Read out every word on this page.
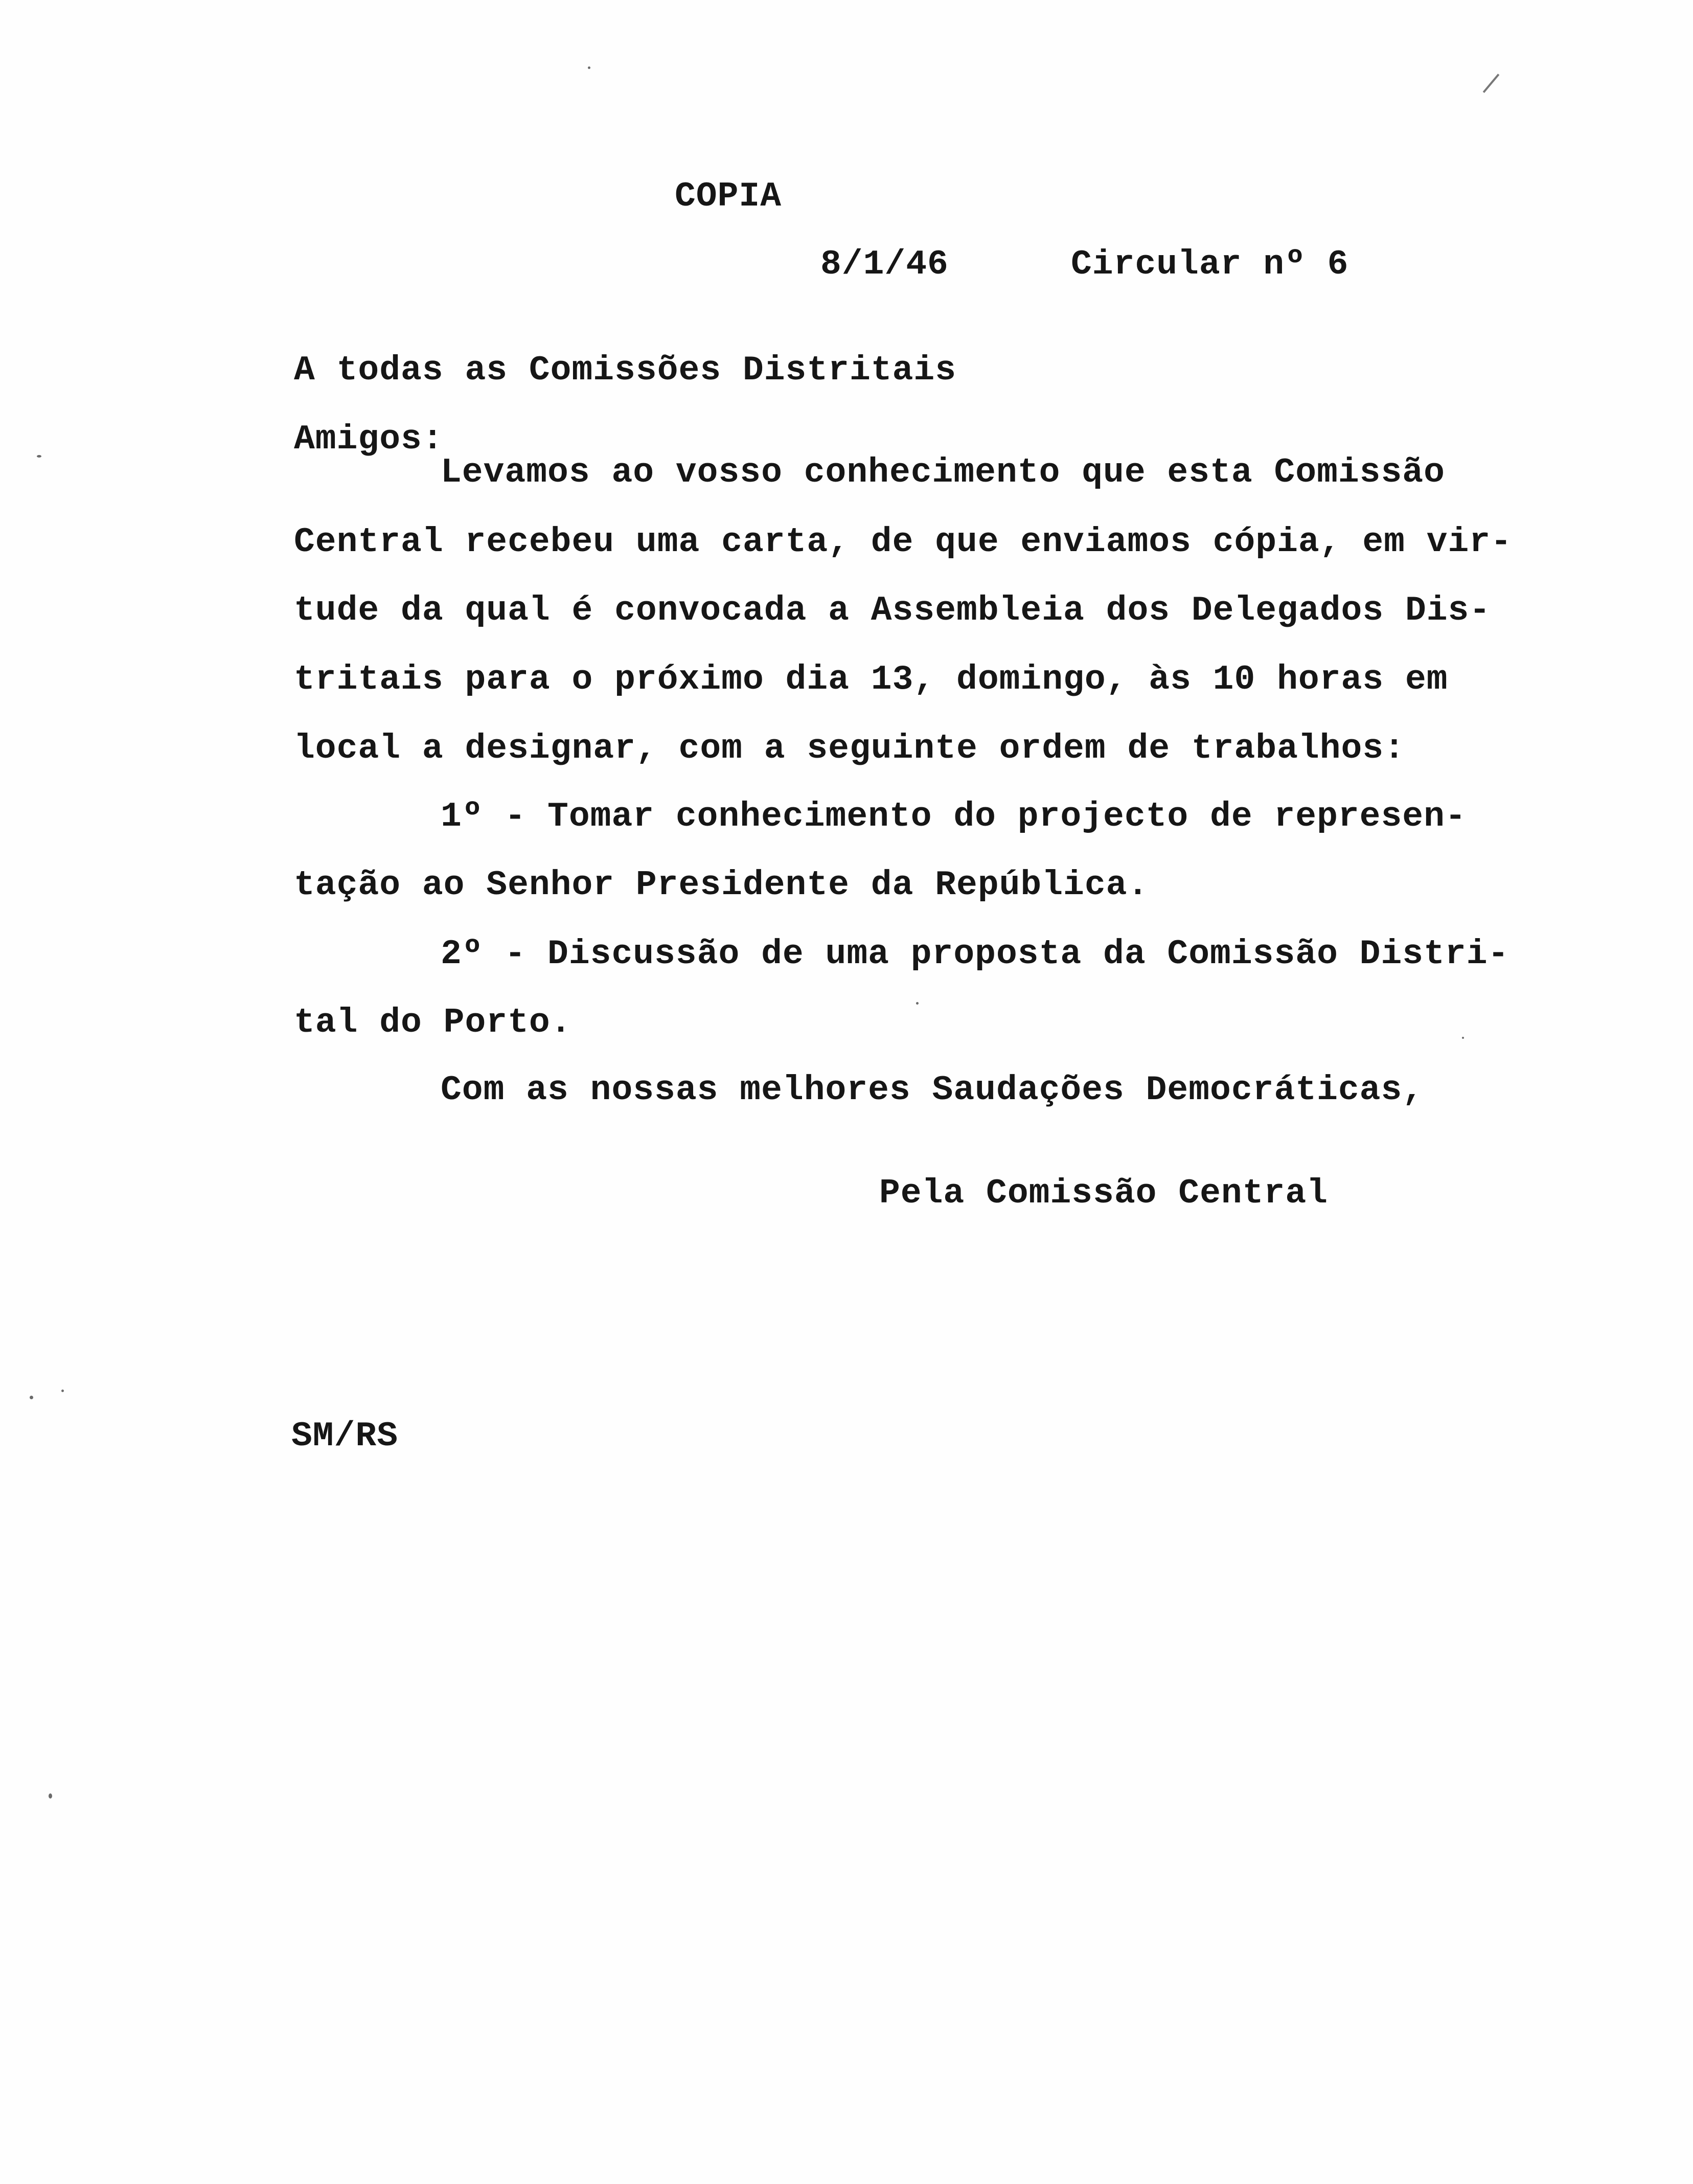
COPIA

8/1/46	Circular nº 6

A todas as Comissões Distritais

Amigos:

Levamos ao vosso conhecimento que esta Comissão

Central recebeu uma carta, de que enviamos cópia, em vir-

tude da qual é convocada a Assembleia dos Delegados Dis-

tritais para o próximo dia 13, domingo, às 10 horas em

local a designar, com a seguinte ordem de trabalhos:

1º - Tomar conhecimento do projecto de represen-

tação ao Senhor Presidente da República.

2º - Discussão de uma proposta da Comissão Distri-

tal do Porto.

Com as nossas melhores Saudações Democráticas,

Pela Comissão Central

SM/RS
